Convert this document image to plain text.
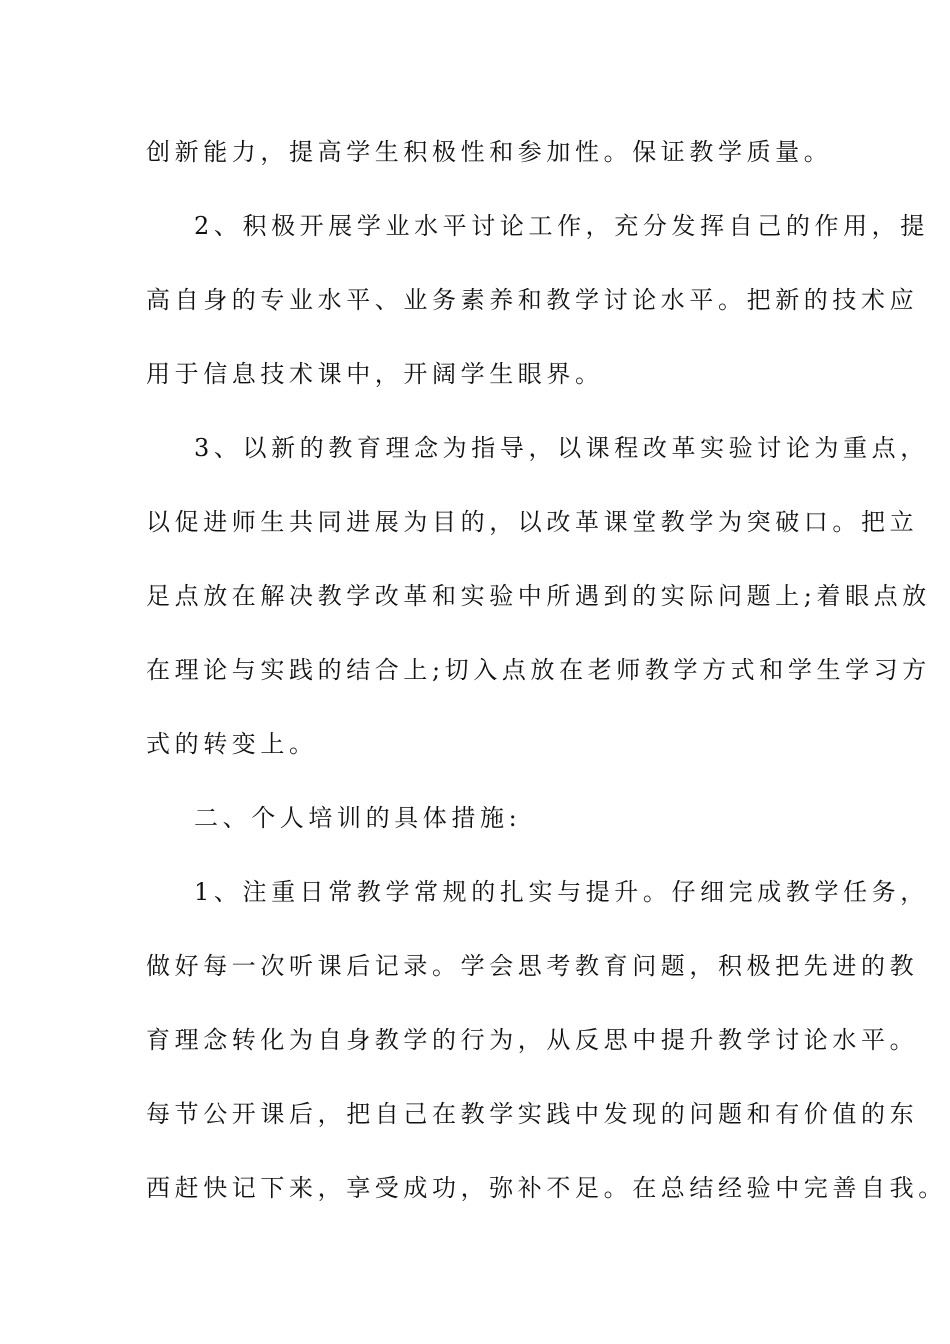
创新能力，提高学生积极性和参加性。保证教学质量。
2、积极开展学业水平讨论工作，充分发挥自己的作用，提
高自身的专业水平、业务素养和教学讨论水平。把新的技术应
用于信息技术课中，开阔学生眼界。
3、以新的教育理念为指导，以课程改革实验讨论为重点，
以促进师生共同进展为目的，以改革课堂教学为突破口。把立
足点放在解决教学改革和实验中所遇到的实际问题上;着眼点放
在理论与实践的结合上;切入点放在老师教学方式和学生学习方
式的转变上。
二、个人培训的具体措施:
1、注重日常教学常规的扎实与提升。仔细完成教学任务，
做好每一次听课后记录。学会思考教育问题，积极把先进的教
育理念转化为自身教学的行为，从反思中提升教学讨论水平。
每节公开课后，把自己在教学实践中发现的问题和有价值的东
西赶快记下来，享受成功，弥补不足。在总结经验中完善自我。
